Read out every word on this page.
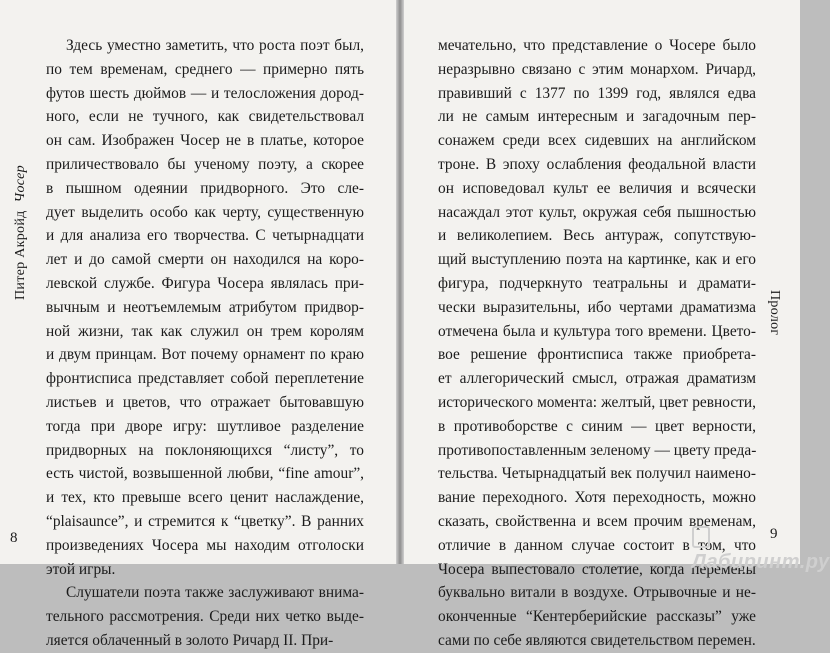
Питер АкройдЧосер
Здесь уместно заметить, что роста поэт был,
по тем временам, среднего — примерно пять
футов шесть дюймов — и телосложения дород-
ного, если не тучного, как свидетельствовал
он сам. Изображен Чосер не в платье, которое
приличествовало бы ученому поэту, а скорее
в пышном одеянии придворного. Это сле-
дует выделить особо как черту, существенную
и для анализа его творчества. С четырнадцати
лет и до самой смерти он находился на коро-
левской службе. Фигура Чосера являлась при-
вычным и неотъемлемым атрибутом придвор-
ной жизни, так как служил он трем королям
и двум принцам. Вот почему орнамент по краю
фронтисписа представляет собой переплетение
листьев и цветов, что отражает бытовавшую
тогда при дворе игру: шутливое разделение
придворных на поклоняющихся “листу”, то
есть чистой, возвышенной любви, “fine amour”,
и тех, кто превыше всего ценит наслаждение,
“plaisaunce”, и стремится к “цветку”. В ранних
произведениях Чосера мы находим отголоски
этой игры.
Слушатели поэта также заслуживают внима-
тельного рассмотрения. Среди них четко выде-
ляется облаченный в золото Ричард II. При-
8
Пролог
мечательно, что представление о Чосере было
неразрывно связано с этим монархом. Ричард,
правивший с 1377 по 1399 год, являлся едва
ли не самым интересным и загадочным пер-
сонажем среди всех сидевших на английском
троне. В эпоху ослабления феодальной власти
он исповедовал культ ее величия и всячески
насаждал этот культ, окружая себя пышностью
и великолепием. Весь антураж, сопутствую-
щий выступлению поэта на картинке, как и его
фигура, подчеркнуто театральны и драмати-
чески выразительны, ибо чертами драматизма
отмечена была и культура того времени. Цвето-
вое решение фронтисписа также приобрета-
ет аллегорический смысл, отражая драматизм
исторического момента: желтый, цвет ревности,
в противоборстве с синим — цвет верности,
противопоставленным зеленому — цвету преда-
тельства. Четырнадцатый век получил наимено-
вание переходного. Хотя переходность, можно
сказать, свойственна и всем прочим временам,
отличие в данном случае состоит в том, что
Чосера выпестовало столетие, когда перемены
буквально витали в воздухе. Отрывочные и не-
оконченные “Кентерберийские рассказы” уже
сами по себе являются свидетельством перемен.
Лабиринт.ру
9
